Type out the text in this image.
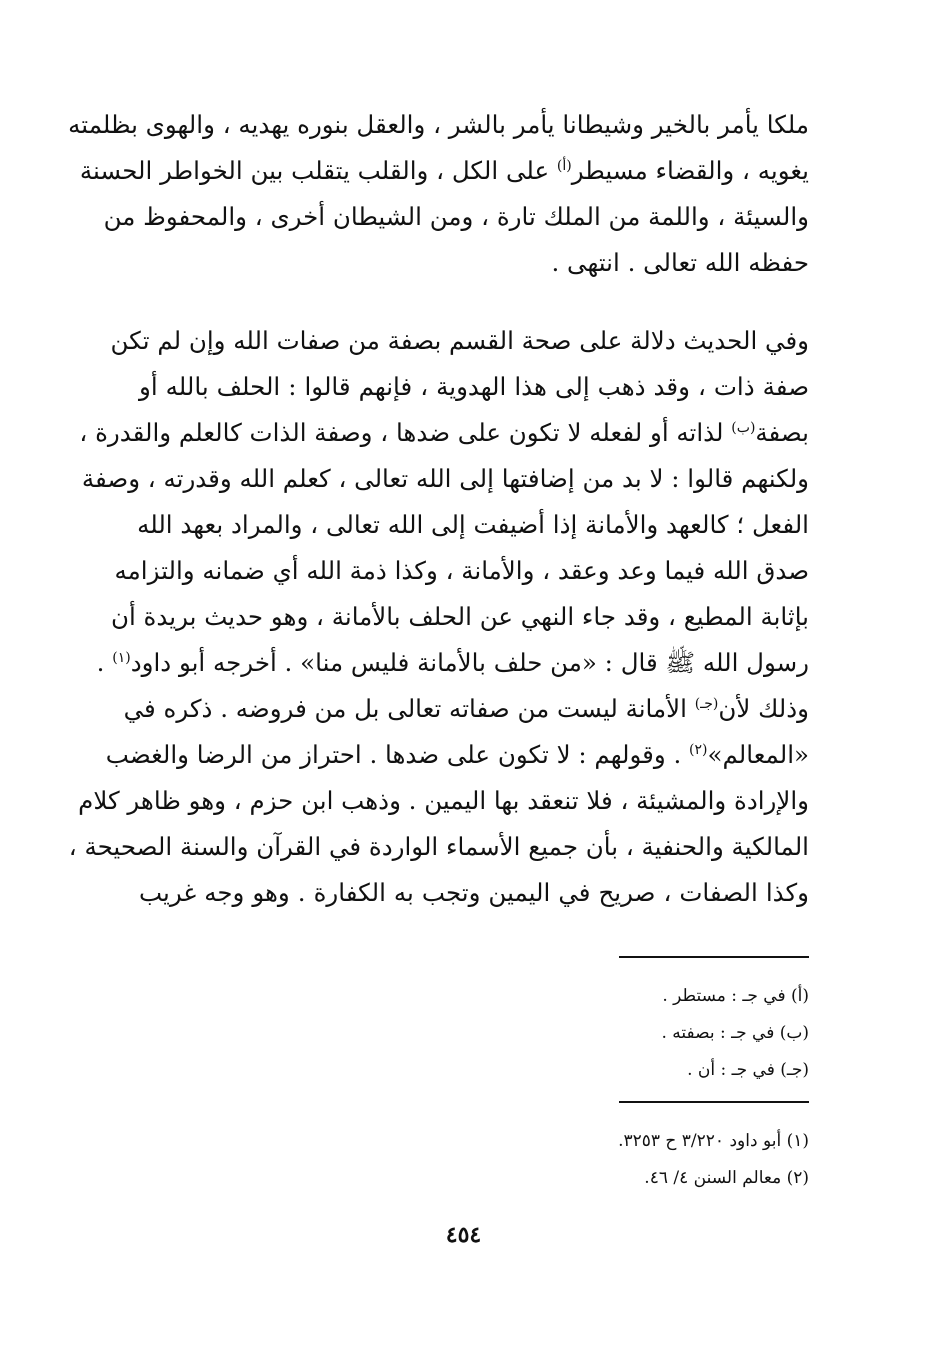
ملكا يأمر بالخير وشيطانا يأمر بالشر ، والعقل بنوره يهديه ، والهوى بظلمته
يغويه ، والقضاء مسيطر$^{(أ)}$ على الكل ، والقلب يتقلب بين الخواطر الحسنة
والسيئة ، واللمة من الملك تارة ، ومن الشيطان أخرى ، والمحفوظ من
حفظه الله تعالى . انتهى .
وفي الحديث دلالة على صحة القسم بصفة من صفات الله وإن لم تكن
صفة ذات ، وقد ذهب إلى هذا الهدوية ، فإنهم قالوا : الحلف بالله أو
بصفة$^{(ب)}$ لذاته أو لفعله لا تكون على ضدها ، وصفة الذات كالعلم والقدرة ،
ولكنهم قالوا : لا بد من إضافتها إلى الله تعالى ، كعلم الله وقدرته ، وصفة
الفعل ؛ كالعهد والأمانة إذا أضيفت إلى الله تعالى ، والمراد بعهد الله
صدق الله فيما وعد وعقد ، والأمانة ، وكذا ذمة الله أي ضمانه والتزامه
بإثابة المطيع ، وقد جاء النهي عن الحلف بالأمانة ، وهو حديث بريدة أن
رسول الله ﷺ قال : «من حلف بالأمانة فليس منا» . أخرجه أبو داود$^{(١)}$ .
وذلك لأن$^{(جـ)}$ الأمانة ليست من صفاته تعالى بل من فروضه . ذكره في
«المعالم»$^{(٢)}$ . وقولهم : لا تكون على ضدها . احتراز من الرضا والغضب
والإرادة والمشيئة ، فلا تنعقد بها اليمين . وذهب ابن حزم ، وهو ظاهر كلام
المالكية والحنفية ، بأن جميع الأسماء الواردة في القرآن والسنة الصحيحة ،
وكذا الصفات ، صريح في اليمين وتجب به الكفارة . وهو وجه غريب
(أ) في جـ : مستطر .
(ب) في جـ : بصفته .
(جـ) في جـ : أن .
(١) أبو داود ٣/٢٢٠ ح ٣٢٥٣.
(٢) معالم السنن ٤/ ٤٦.
٤٥٤
